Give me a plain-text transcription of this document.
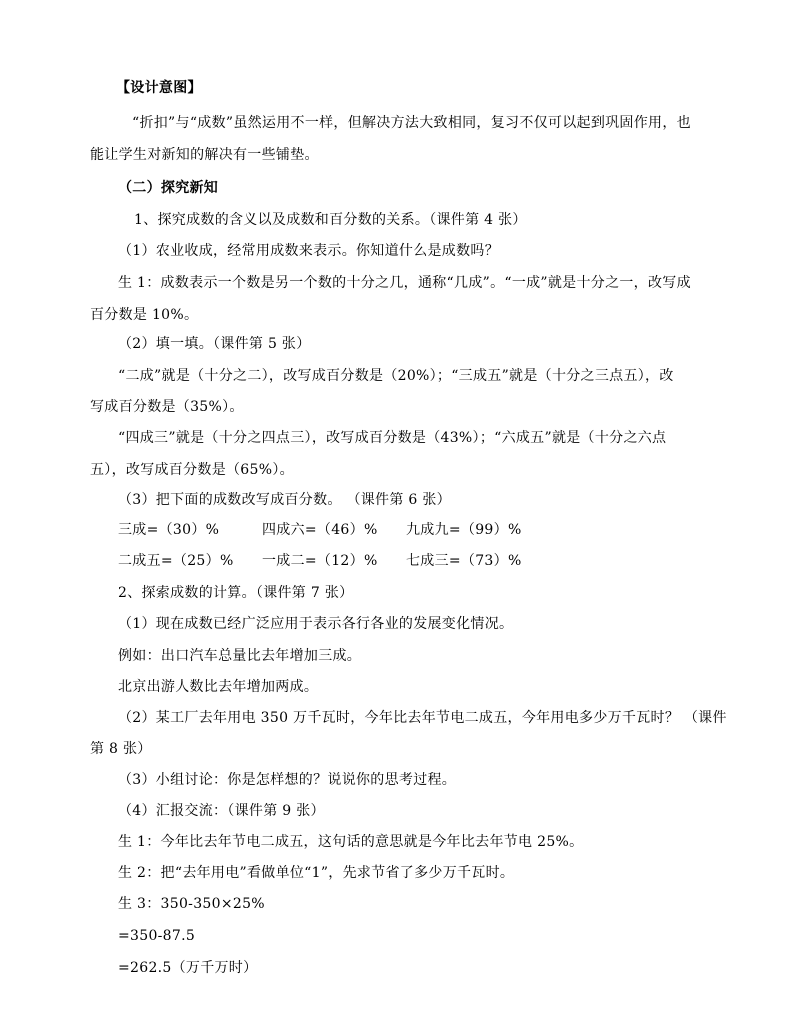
【设计意图】
“折扣”与“成数”虽然运用不一样，但解决方法大致相同，复习不仅可以起到巩固作用，也
能让学生对新知的解决有一些铺垫。
（二）探究新知
1、探究成数的含义以及成数和百分数的关系。（课件第 4 张）
（1）农业收成，经常用成数来表示。你知道什么是成数吗？
生 1：成数表示一个数是另一个数的十分之几，通称“几成”。“一成”就是十分之一，改写成
百分数是 10%。
（2）填一填。（课件第 5 张）
“二成”就是（十分之二），改写成百分数是（20%）；“三成五”就是（十分之三点五），改
写成百分数是（35%）。
“四成三”就是（十分之四点三），改写成百分数是（43%）；“六成五”就是（十分之六点
五），改写成百分数是（65%）。
（3）把下面的成数改写成百分数。 （课件第 6 张）
三成=（30）%	四成六=（46）% 九成九=（99）%
二成五=（25）% 一成二=（12）% 七成三=（73）%
2、探索成数的计算。（课件第 7 张）
（1）现在成数已经广泛应用于表示各行各业的发展变化情况。
例如：出口汽车总量比去年增加三成。
北京出游人数比去年增加两成。
（2）某工厂去年用电 350 万千瓦时，今年比去年节电二成五，今年用电多少万千瓦时？ （课件
第 8 张）
（3）小组讨论：你是怎样想的？说说你的思考过程。
（4）汇报交流：（课件第 9 张）
生 1：今年比去年节电二成五，这句话的意思就是今年比去年节电 25%。
生 2：把“去年用电”看做单位“1”，先求节省了多少万千瓦时。
生 3：350-350×25%
=350-87.5
=262.5（万千万时）
